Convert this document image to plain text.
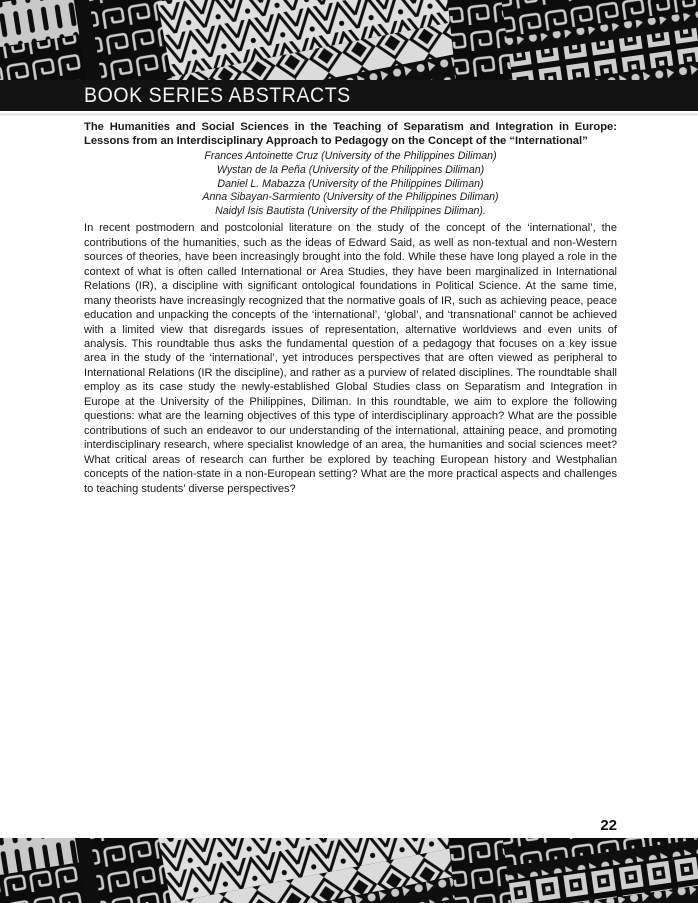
BOOK SERIES ABSTRACTS
The Humanities and Social Sciences in the Teaching of Separatism and Integration in Europe:
Lessons from an Interdisciplinary Approach to Pedagogy on the Concept of the “International”
Frances Antoinette Cruz (University of the Philippines Diliman)
Wystan de la Peña (University of the Philippines Diliman)
Daniel L. Mabazza (University of the Philippines Diliman)
Anna Sibayan-Sarmiento (University of the Philippines Diliman)
Naidyl Isis Bautista (University of the Philippines Diliman).

In recent postmodern and postcolonial literature on the study of the concept of the ‘international’, the contributions of the humanities, such as the ideas of Edward Said, as well as non-textual and non-Western sources of theories, have been increasingly brought into the fold. While these have long played a role in the context of what is often called International or Area Studies, they have been marginalized in International Relations (IR), a discipline with significant ontological foundations in Political Science. At the same time, many theorists have increasingly recognized that the normative goals of IR, such as achieving peace, peace education and unpacking the concepts of the ‘international’, ‘global’, and ‘transnational’ cannot be achieved with a limited view that disregards issues of representation, alternative worldviews and even units of analysis. This roundtable thus asks the fundamental question of a pedagogy that focuses on a key issue area in the study of the ‘international’, yet introduces perspectives that are often viewed as peripheral to International Relations (IR the discipline), and rather as a purview of related disciplines. The roundtable shall employ as its case study the newly-established Global Studies class on Separatism and Integration in Europe at the University of the Philippines, Diliman. In this roundtable, we aim to explore the following questions: what are the learning objectives of this type of interdisciplinary approach? What are the possible contributions of such an endeavor to our understanding of the international, attaining peace, and promoting interdisciplinary research, where specialist knowledge of an area, the humanities and social sciences meet? What critical areas of research can further be explored by teaching European history and Westphalian concepts of the nation-state in a non-European setting? What are the more practical aspects and challenges to teaching students’ diverse perspectives?

22
